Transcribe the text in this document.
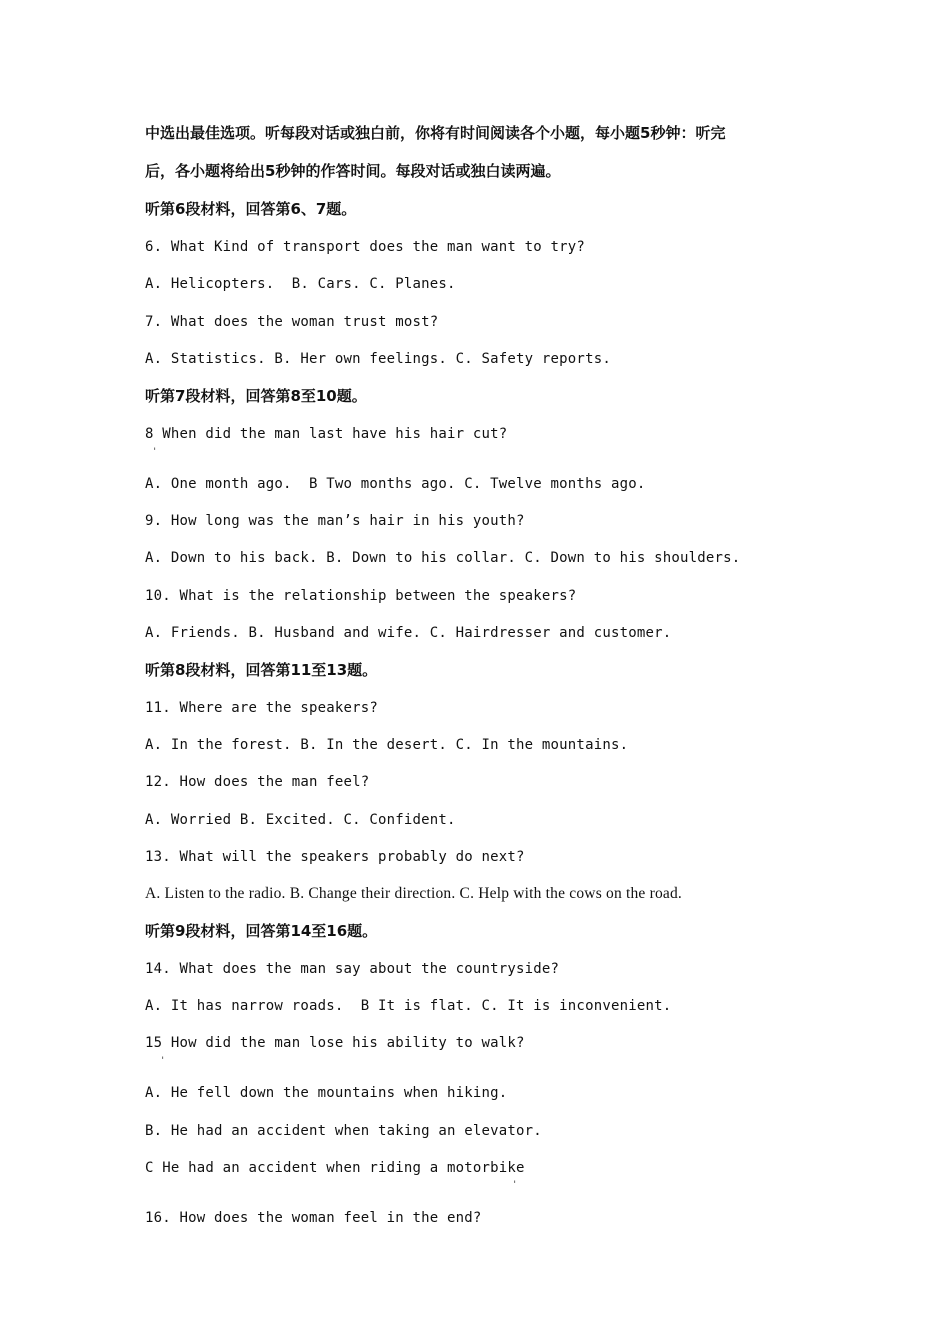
中选出最佳选项。听每段对话或独白前，你将有时间阅读各个小题，每小题5秒钟：听完
后，各小题将给出5秒钟的作答时间。每段对话或独白读两遍。
听第6段材料，回答第6、7题。
6. What Kind of transport does the man want to try?
A. Helicopters.  B. Cars. C. Planes.
7. What does the woman trust most?
A. Statistics. B. Her own feelings. C. Safety reports.
听第7段材料，回答第8至10题。
8 When did the man last have his hair cut?
'
A. One month ago.  B Two months ago. C. Twelve months ago.
9. How long was the man’s hair in his youth?
A. Down to his back. B. Down to his collar. C. Down to his shoulders.
10. What is the relationship between the speakers?
A. Friends. B. Husband and wife. C. Hairdresser and customer.
听第8段材料，回答第11至13题。
11. Where are the speakers?
A. In the forest. B. In the desert. C. In the mountains.
12. How does the man feel?
A. Worried B. Excited. C. Confident.
13. What will the speakers probably do next?
A. Listen to the radio. B. Change their direction. C. Help with the cows on the road.
听第9段材料，回答第14至16题。
14. What does the man say about the countryside?
A. It has narrow roads.  B It is flat. C. It is inconvenient.
15 How did the man lose his ability to walk?
'
A. He fell down the mountains when hiking.
B. He had an accident when taking an elevator.
C He had an accident when riding a motorbike
'
16. How does the woman feel in the end?
